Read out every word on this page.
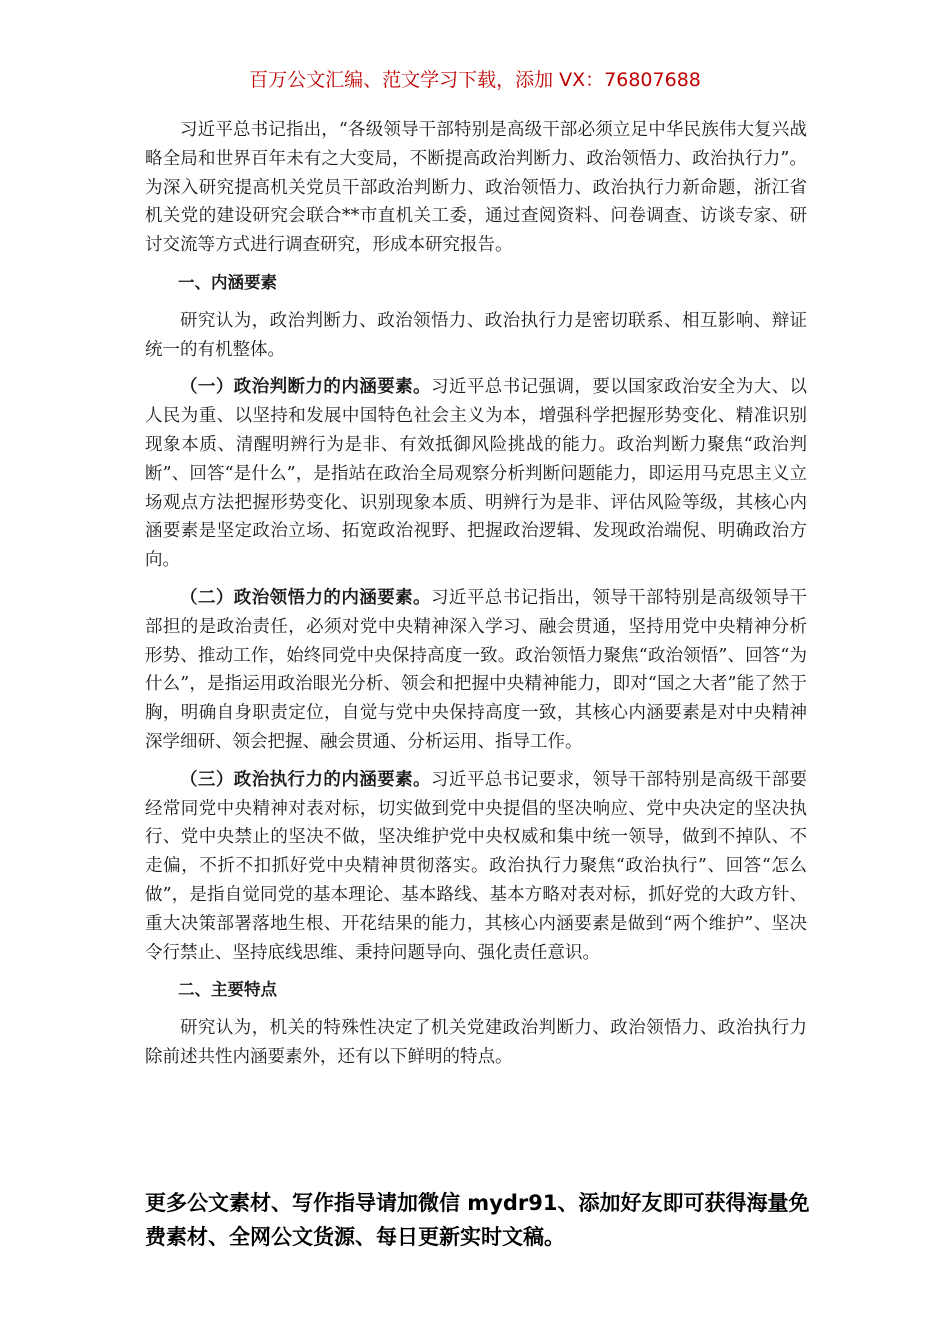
百万公文汇编、范文学习下载，添加 VX：76807688

习近平总书记指出，“各级领导干部特别是高级干部必须立足中华民族伟大复兴战略全局和世界百年未有之大变局，不断提高政治判断力、政治领悟力、政治执行力”。为深入研究提高机关党员干部政治判断力、政治领悟力、政治执行力新命题，浙江省机关党的建设研究会联合**市直机关工委，通过查阅资料、问卷调查、访谈专家、研讨交流等方式进行调查研究，形成本研究报告。

一、内涵要素

研究认为，政治判断力、政治领悟力、政治执行力是密切联系、相互影响、辩证统一的有机整体。

（一）政治判断力的内涵要素。习近平总书记强调，要以国家政治安全为大、以人民为重、以坚持和发展中国特色社会主义为本，增强科学把握形势变化、精准识别现象本质、清醒明辨行为是非、有效抵御风险挑战的能力。政治判断力聚焦“政治判断”、回答“是什么”，是指站在政治全局观察分析判断问题能力，即运用马克思主义立场观点方法把握形势变化、识别现象本质、明辨行为是非、评估风险等级，其核心内涵要素是坚定政治立场、拓宽政治视野、把握政治逻辑、发现政治端倪、明确政治方向。

（二）政治领悟力的内涵要素。习近平总书记指出，领导干部特别是高级领导干部担的是政治责任，必须对党中央精神深入学习、融会贯通，坚持用党中央精神分析形势、推动工作，始终同党中央保持高度一致。政治领悟力聚焦“政治领悟”、回答“为什么”，是指运用政治眼光分析、领会和把握中央精神能力，即对“国之大者”能了然于胸，明确自身职责定位，自觉与党中央保持高度一致，其核心内涵要素是对中央精神深学细研、领会把握、融会贯通、分析运用、指导工作。

（三）政治执行力的内涵要素。习近平总书记要求，领导干部特别是高级干部要经常同党中央精神对表对标，切实做到党中央提倡的坚决响应、党中央决定的坚决执行、党中央禁止的坚决不做，坚决维护党中央权威和集中统一领导，做到不掉队、不走偏，不折不扣抓好党中央精神贯彻落实。政治执行力聚焦“政治执行”、回答“怎么做”，是指自觉同党的基本理论、基本路线、基本方略对表对标，抓好党的大政方针、重大决策部署落地生根、开花结果的能力，其核心内涵要素是做到“两个维护”、坚决令行禁止、坚持底线思维、秉持问题导向、强化责任意识。

二、主要特点

研究认为，机关的特殊性决定了机关党建政治判断力、政治领悟力、政治执行力除前述共性内涵要素外，还有以下鲜明的特点。

更多公文素材、写作指导请加微信 mydr91、添加好友即可获得海量免费素材、全网公文货源、每日更新实时文稿。
